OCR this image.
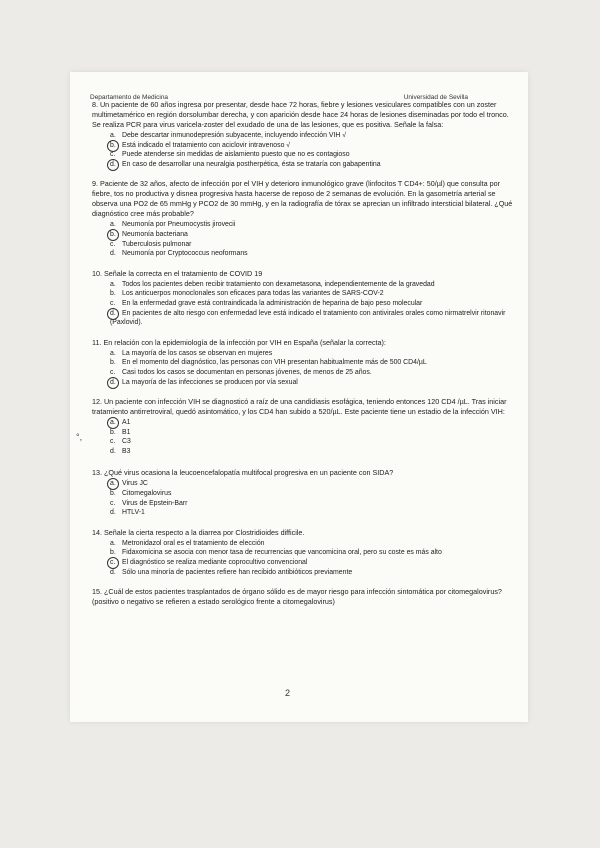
Departamento de Medicina	Universidad de Sevilla
°,

8. Un paciente de 60 años ingresa por presentar, desde hace 72 horas, fiebre y lesiones vesiculares compatibles con un zoster multimetamérico en región dorsolumbar derecha, y con aparición desde hace 24 horas de lesiones diseminadas por todo el tronco. Se realiza PCR para virus varicela-zoster del exudado de una de las lesiones, que es positiva. Señale la falsa:

a. Debe descartar inmunodepresión subyacente, incluyendo infección VIH √
b. Está indicado el tratamiento con aciclovir intravenoso √
c. Puede atenderse sin medidas de aislamiento puesto que no es contagioso
d. En caso de desarrollar una neuralgia postherpética, ésta se trataría con gabapentina

9. Paciente de 32 años, afecto de infección por el VIH y deterioro inmunológico grave (linfocitos T CD4+: 50/µl) que consulta por fiebre, tos no productiva y disnea progresiva hasta hacerse de reposo de 2 semanas de evolución. En la gasometría arterial se observa una PO2 de 65 mmHg y PCO2 de 30 mmHg, y en la radiografía de tórax se aprecian un infiltrado intersticial bilateral. ¿Qué diagnóstico cree más probable?

a. Neumonía por Pneumocystis jirovecii
b. Neumonía bacteriana
c. Tuberculosis pulmonar
d. Neumonía por Cryptococcus neoformans

10. Señale la correcta en el tratamiento de COVID 19

a. Todos los pacientes deben recibir tratamiento con dexametasona, independientemente de la gravedad
b. Los anticuerpos monoclonales son eficaces para todas las variantes de SARS-COV-2
c. En la enfermedad grave está contraindicada la administración de heparina de bajo peso molecular
d. En pacientes de alto riesgo con enfermedad leve está indicado el tratamiento con antivirales orales como nirmatrelvir ritonavir (Paxlovid).

11. En relación con la epidemiología de la infección por VIH en España (señalar la correcta):

a. La mayoría de los casos se observan en mujeres
b. En el momento del diagnóstico, las personas con VIH presentan habitualmente más de 500 CD4/µL
c. Casi todos los casos se documentan en personas jóvenes, de menos de 25 años.
d. La mayoría de las infecciones se producen por vía sexual

12. Un paciente con infección VIH se diagnosticó a raíz de una candidiasis esofágica, teniendo entonces 120 CD4 /µL. Tras iniciar tratamiento antirretroviral, quedó asintomático, y los CD4 han subido a 520/µL. Este paciente tiene un estadio de la infección VIH:

a. A1
b. B1
c. C3
d. B3

13. ¿Qué virus ocasiona la leucoencefalopatía multifocal progresiva en un paciente con SIDA?

a. Virus JC
b. Citomegalovirus
c. Virus de Epstein-Barr
d. HTLV-1

14. Señale la cierta respecto a la diarrea por Clostridioides difficile.

a. Metronidazol oral es el tratamiento de elección
b. Fidaxomicina se asocia con menor tasa de recurrencias que vancomicina oral, pero su coste es más alto
c. El diagnóstico se realiza mediante coprocultivo convencional
d. Sólo una minoría de pacientes refiere han recibido antibióticos previamente

15. ¿Cuál de estos pacientes trasplantados de órgano sólido es de mayor riesgo para infección sintomática por citomegalovirus? (positivo o negativo se refieren a estado serológico frente a citomegalovirus)

2
